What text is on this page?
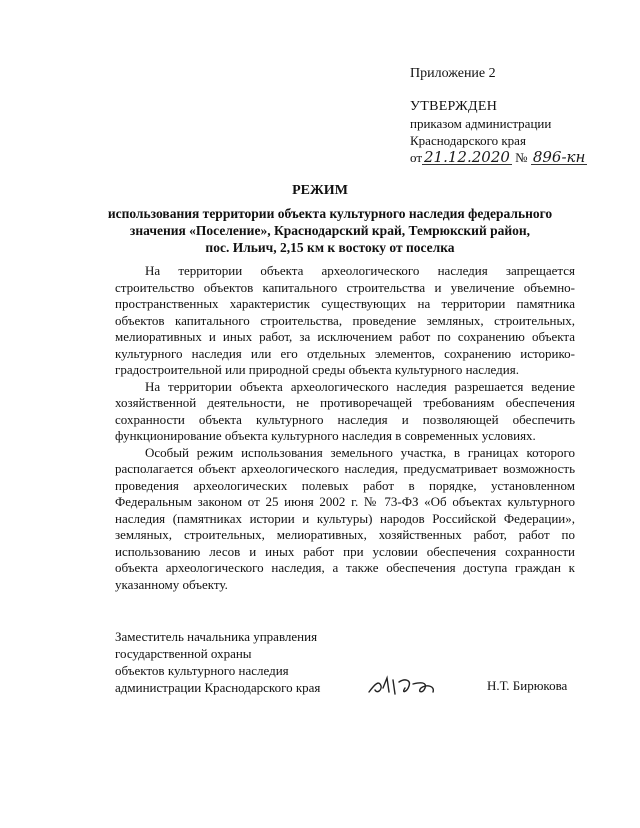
Приложение 2
УТВЕРЖДЕН
приказом администрации
Краснодарского края
от 21.12.2020 № 896-кн
РЕЖИМ
использования территории объекта культурного наследия федерального
значения «Поселение», Краснодарский край, Темрюкский район,
пос. Ильич, 2,15 км к востоку от поселка

На территории объекта археологического наследия запрещается строительство объектов капитального строительства и увеличение объемно-пространственных характеристик существующих на территории памятника объектов капитального строительства, проведение земляных, строительных, мелиоративных и иных работ, за исключением работ по сохранению объекта культурного наследия или его отдельных элементов, сохранению историко-градостроительной или природной среды объекта культурного наследия.

На территории объекта археологического наследия разрешается ведение хозяйственной деятельности, не противоречащей требованиям обеспечения сохранности объекта культурного наследия и позволяющей обеспечить функционирование объекта культурного наследия в современных условиях.

Особый режим использования земельного участка, в границах которого располагается объект археологического наследия, предусматривает возможность проведения археологических полевых работ в порядке, установленном Федеральным законом от 25 июня 2002 г. № 73-ФЗ «Об объектах культурного наследия (памятниках истории и культуры) народов Российской Федерации», земляных, строительных, мелиоративных, хозяйственных работ, работ по использованию лесов и иных работ при условии обеспечения сохранности объекта археологического наследия, а также обеспечения доступа граждан к указанному объекту.

Заместитель начальника управления
государственной охраны
объектов культурного наследия
администрации Краснодарского края	Н.Т. Бирюкова
